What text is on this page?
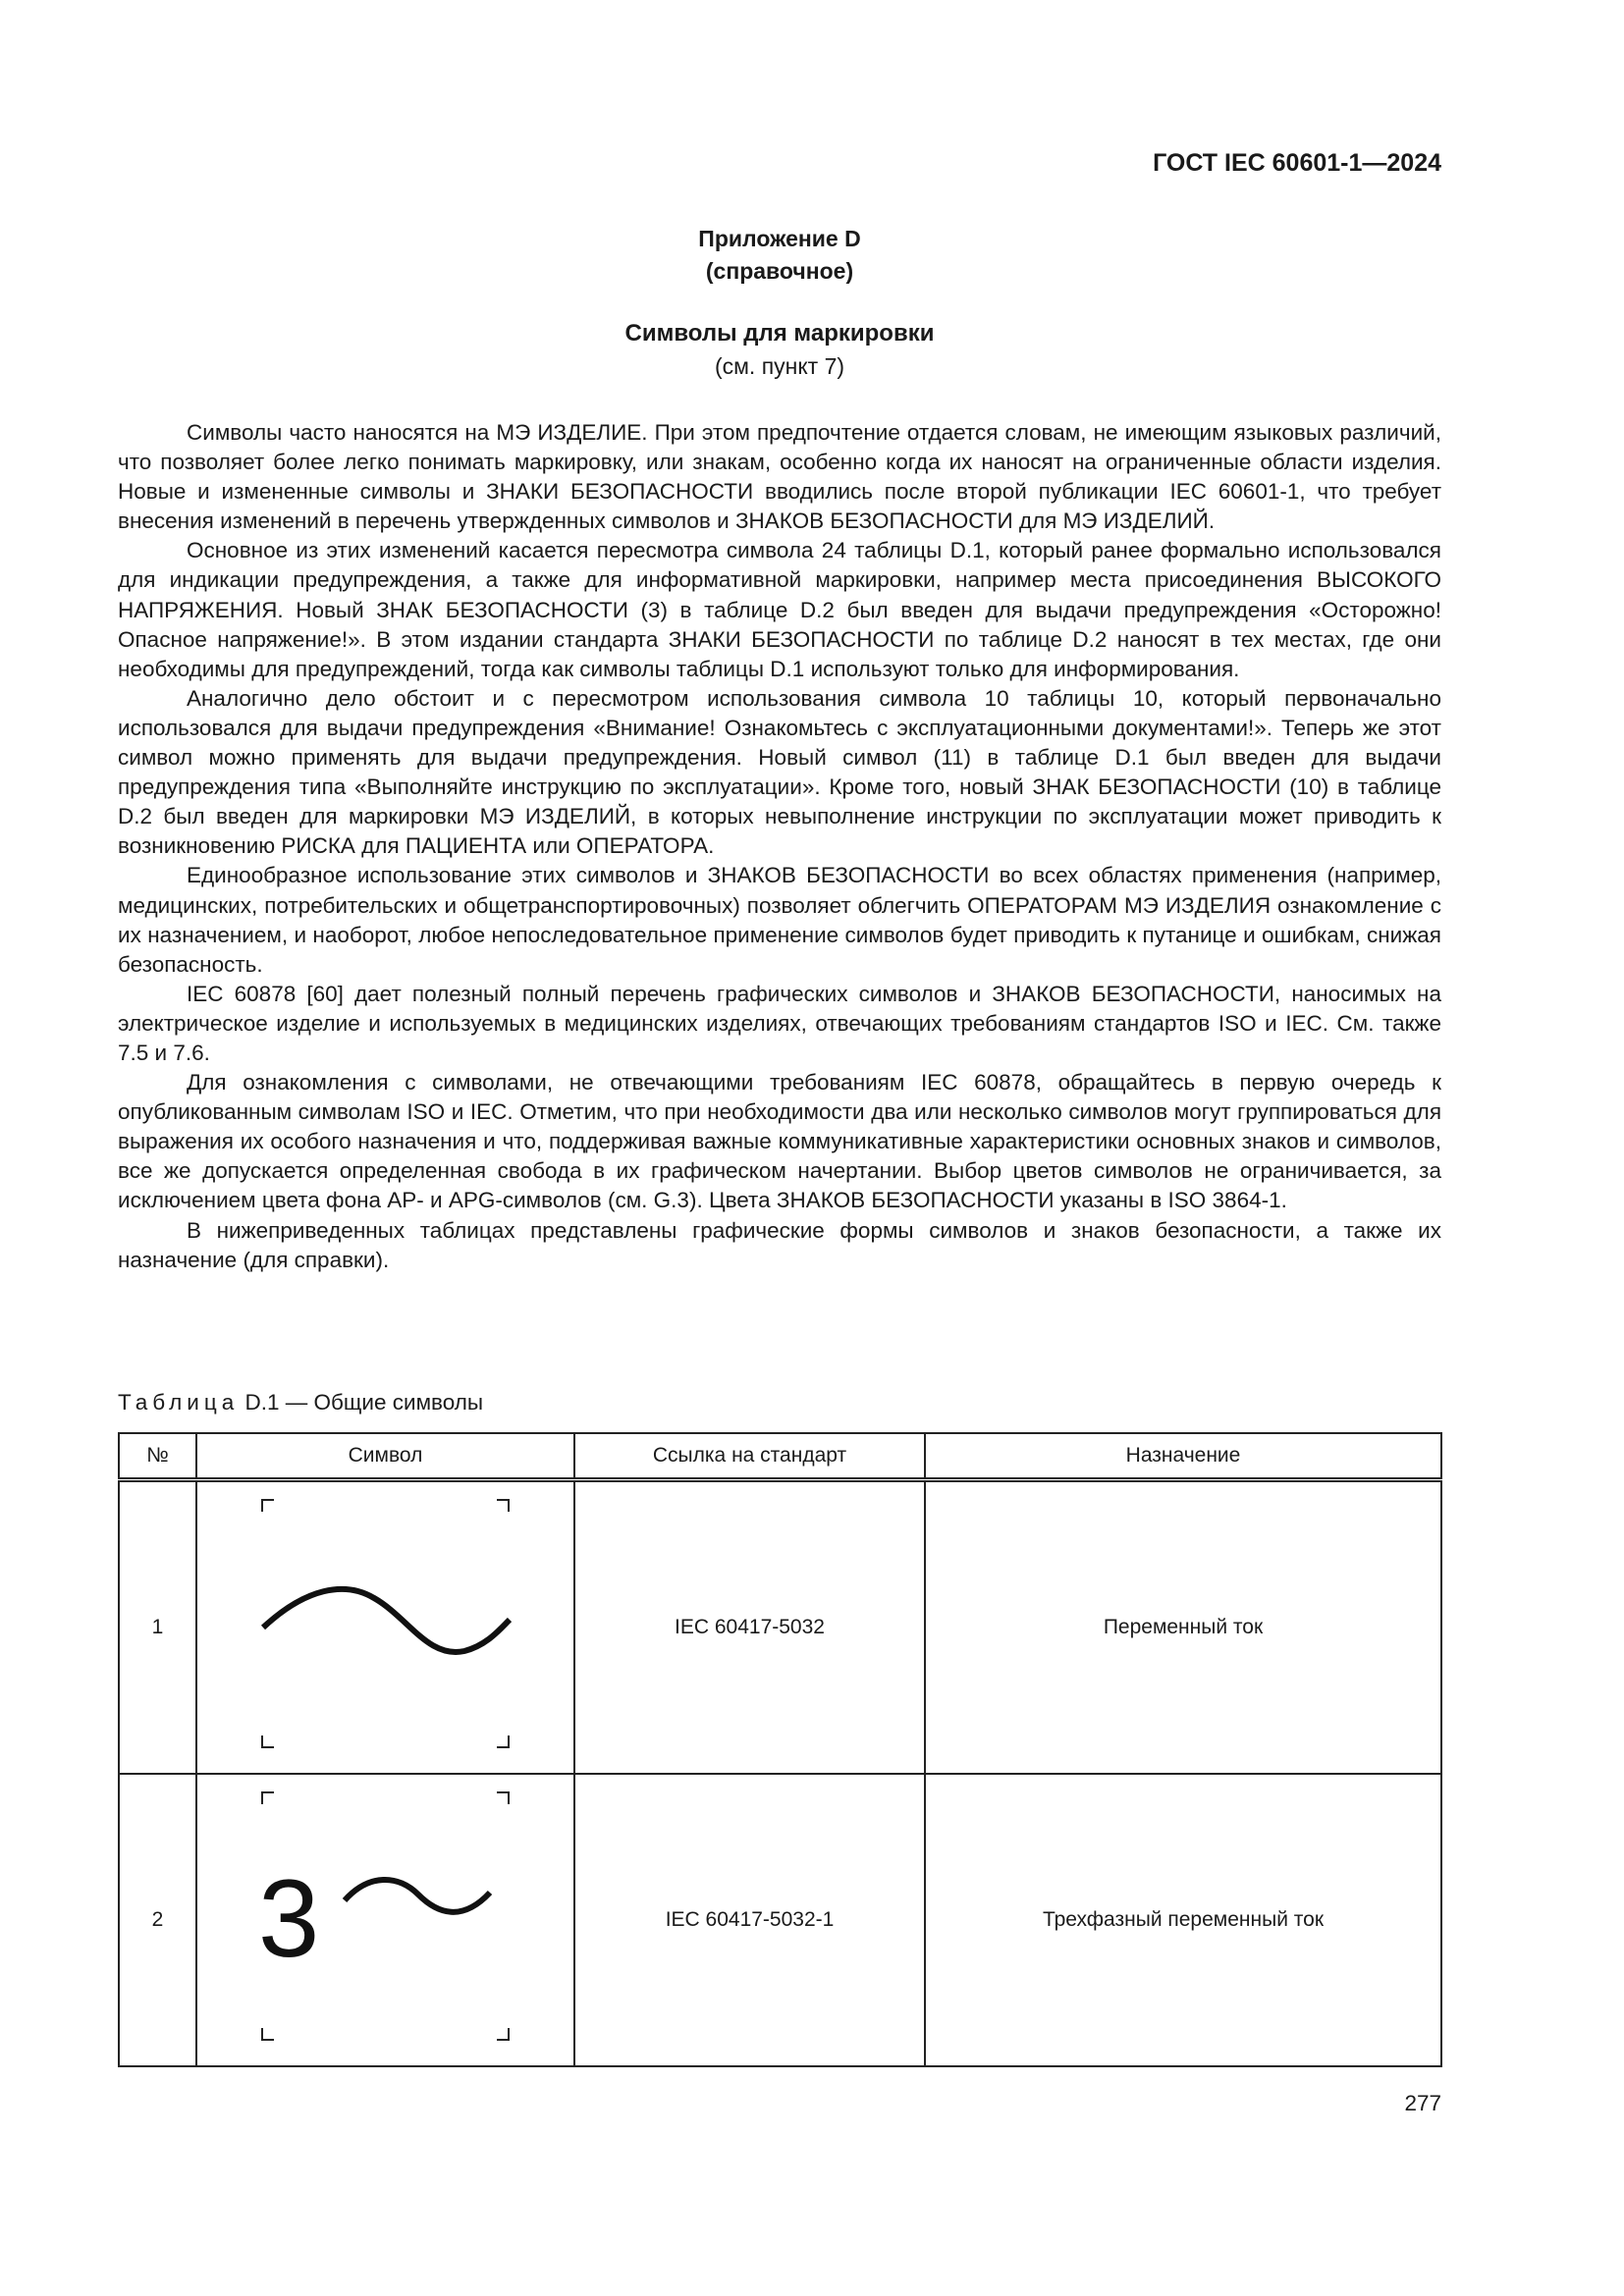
ГОСТ IEC 60601-1—2024
Приложение D
(справочное)
Символы для маркировки
(см. пункт 7)

Символы часто наносятся на МЭ ИЗДЕЛИЕ. При этом предпочтение отдается словам, не имеющим языковых различий, что позволяет более легко понимать маркировку, или знакам, особенно когда их наносят на ограниченные области изделия. Новые и измененные символы и ЗНАКИ БЕЗОПАСНОСТИ вводились после второй публикации IEC 60601-1, что требует внесения изменений в перечень утвержденных символов и ЗНАКОВ БЕЗОПАСНОСТИ для МЭ ИЗДЕЛИЙ.

Основное из этих изменений касается пересмотра символа 24 таблицы D.1, который ранее формально использовался для индикации предупреждения, а также для информативной маркировки, например места присоединения ВЫСОКОГО НАПРЯЖЕНИЯ. Новый ЗНАК БЕЗОПАСНОСТИ (3) в таблице D.2 был введен для выдачи предупреждения «Осторожно! Опасное напряжение!». В этом издании стандарта ЗНАКИ БЕЗОПАСНОСТИ по таблице D.2 наносят в тех местах, где они необходимы для предупреждений, тогда как символы таблицы D.1 используют только для информирования.

Аналогично дело обстоит и с пересмотром использования символа 10 таблицы 10, который первоначально использовался для выдачи предупреждения «Внимание! Ознакомьтесь с эксплуатационными документами!». Теперь же этот символ можно применять для выдачи предупреждения. Новый символ (11) в таблице D.1 был введен для выдачи предупреждения типа «Выполняйте инструкцию по эксплуатации». Кроме того, новый ЗНАК БЕЗОПАСНОСТИ (10) в таблице D.2 был введен для маркировки МЭ ИЗДЕЛИЙ, в которых невыполнение инструкции по эксплуатации может приводить к возникновению РИСКА для ПАЦИЕНТА или ОПЕРАТОРА.

Единообразное использование этих символов и ЗНАКОВ БЕЗОПАСНОСТИ во всех областях применения (например, медицинских, потребительских и общетранспортировочных) позволяет облегчить ОПЕРАТОРАМ МЭ ИЗДЕЛИЯ ознакомление с их назначением, и наоборот, любое непоследовательное применение символов будет приводить к путанице и ошибкам, снижая безопасность.

IEC 60878 [60] дает полезный полный перечень графических символов и ЗНАКОВ БЕЗОПАСНОСТИ, наносимых на электрическое изделие и используемых в медицинских изделиях, отвечающих требованиям стандартов ISO и IEC. См. также 7.5 и 7.6.

Для ознакомления с символами, не отвечающими требованиям IEC 60878, обращайтесь в первую очередь к опубликованным символам ISO и IEC. Отметим, что при необходимости два или несколько символов могут группироваться для выражения их особого назначения и что, поддерживая важные коммуникативные характеристики основных знаков и символов, все же допускается определенная свобода в их графическом начертании. Выбор цветов символов не ограничивается, за исключением цвета фона AP- и APG-символов (см. G.3). Цвета ЗНАКОВ БЕЗОПАСНОСТИ указаны в ISO 3864-1.

В нижеприведенных таблицах представлены графические формы символов и знаков безопасности, а также их назначение (для справки).

Таблица D.1 — Общие символы
№	Символ	Ссылка на стандарт	Назначение
1		IEC 60417-5032	Переменный ток
2	3	IEC 60417-5032-1	Трехфазный переменный ток
277
